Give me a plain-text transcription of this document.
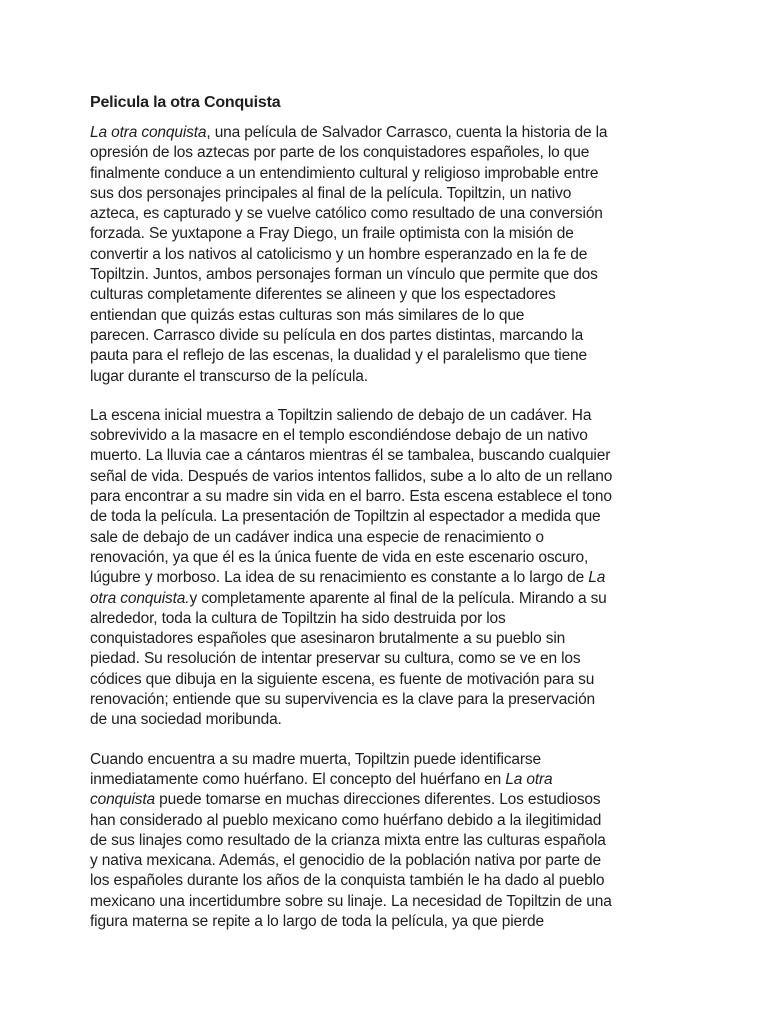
Pelicula la otra Conquista

La otra conquista, una película de Salvador Carrasco, cuenta la historia de la
opresión de los aztecas por parte de los conquistadores españoles, lo que
finalmente conduce a un entendimiento cultural y religioso improbable entre
sus dos personajes principales al final de la película. Topiltzin, un nativo
azteca, es capturado y se vuelve católico como resultado de una conversión
forzada. Se yuxtapone a Fray Diego, un fraile optimista con la misión de
convertir a los nativos al catolicismo y un hombre esperanzado en la fe de
Topiltzin. Juntos, ambos personajes forman un vínculo que permite que dos
culturas completamente diferentes se alineen y que los espectadores
entiendan que quizás estas culturas son más similares de lo que
parecen. Carrasco divide su película en dos partes distintas, marcando la
pauta para el reflejo de las escenas, la dualidad y el paralelismo que tiene
lugar durante el transcurso de la película.

La escena inicial muestra a Topiltzin saliendo de debajo de un cadáver. Ha
sobrevivido a la masacre en el templo escondiéndose debajo de un nativo
muerto. La lluvia cae a cántaros mientras él se tambalea, buscando cualquier
señal de vida. Después de varios intentos fallidos, sube a lo alto de un rellano
para encontrar a su madre sin vida en el barro. Esta escena establece el tono
de toda la película. La presentación de Topiltzin al espectador a medida que
sale de debajo de un cadáver indica una especie de renacimiento o
renovación, ya que él es la única fuente de vida en este escenario oscuro,
lúgubre y morboso. La idea de su renacimiento es constante a lo largo de La
otra conquista.y completamente aparente al final de la película. Mirando a su
alrededor, toda la cultura de Topiltzin ha sido destruida por los
conquistadores españoles que asesinaron brutalmente a su pueblo sin
piedad. Su resolución de intentar preservar su cultura, como se ve en los
códices que dibuja en la siguiente escena, es fuente de motivación para su
renovación; entiende que su supervivencia es la clave para la preservación
de una sociedad moribunda.

Cuando encuentra a su madre muerta, Topiltzin puede identificarse
inmediatamente como huérfano. El concepto del huérfano en La otra
conquista puede tomarse en muchas direcciones diferentes. Los estudiosos
han considerado al pueblo mexicano como huérfano debido a la ilegitimidad
de sus linajes como resultado de la crianza mixta entre las culturas española
y nativa mexicana. Además, el genocidio de la población nativa por parte de
los españoles durante los años de la conquista también le ha dado al pueblo
mexicano una incertidumbre sobre su linaje. La necesidad de Topiltzin de una
figura materna se repite a lo largo de toda la película, ya que pierde
